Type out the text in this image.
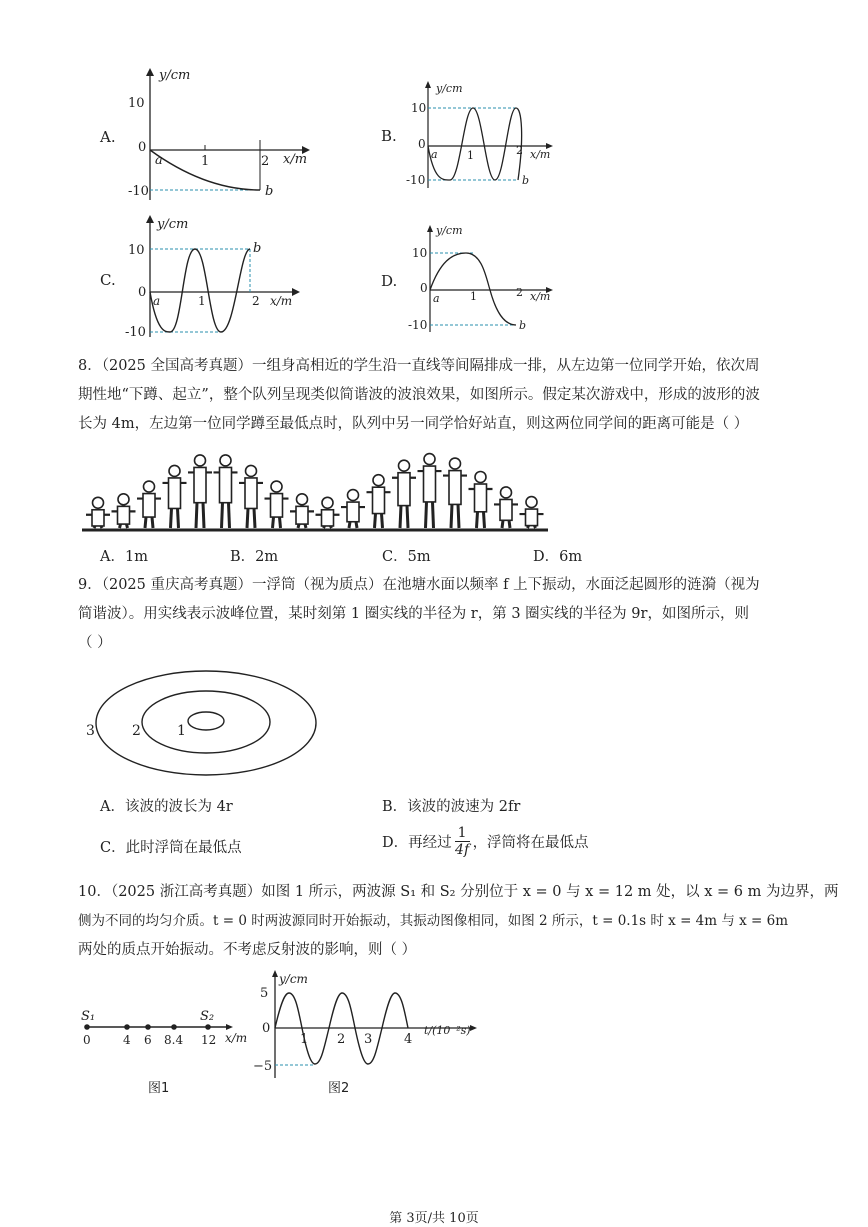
A.
y/cm
10
0
-10
1	2 x/m
a
b
B.
y/cm
10
0
-10
a	1	2 x/m
b
C.
y/cm
10
0
-10
a	1	2 x/m
b
D.
y/cm
10
0
-10
a	1	2 x/m
b
8．（2025 全国高考真题）一组身高相近的学生沿一直线等间隔排成一排，从左边第一位同学开始，依次周
期性地“下蹲、起立”，整个队列呈现类似简谐波的波浪效果，如图所示。假定某次游戏中，形成的波形的波
长为 4m，左边第一位同学蹲至最低点时，队列中另一同学恰好站直，则这两位同学间的距离可能是（ ）
A．1m	B．2m	C．5m	D．6m
9．（2025 重庆高考真题）一浮筒（视为质点）在池塘水面以频率 f 上下振动，水面泛起圆形的涟漪（视为
简谐波）。用实线表示波峰位置，某时刻第 1 圈实线的半径为 r，第 3 圈实线的半径为 9r，如图所示，则
（ ）
1
2
3
A．该波的波长为 4r	B．该波的波速为 2fr
C．此时浮筒在最低点	D．再经过 $\frac{1}{4f}$ ，浮筒将在最低点
10．（2025 浙江高考真题）如图 1 所示，两波源 S₁ 和 S₂ 分别位于 x = 0 与 x = 12 m 处，以 x = 6 m 为边界，两
侧为不同的均匀介质。t = 0 时两波源同时开始振动，其振动图像相同，如图 2 所示，t = 0.1s 时 x = 4m 与 x = 6m
两处的质点开始振动。不考虑反射波的影响，则（ ）
S₁	S₂
0	4 6 8.4 12 x/m
图1
y/cm
5
0
−5
1 2 3 4
t/(10⁻²s)
图2
第 3页/共 10页
